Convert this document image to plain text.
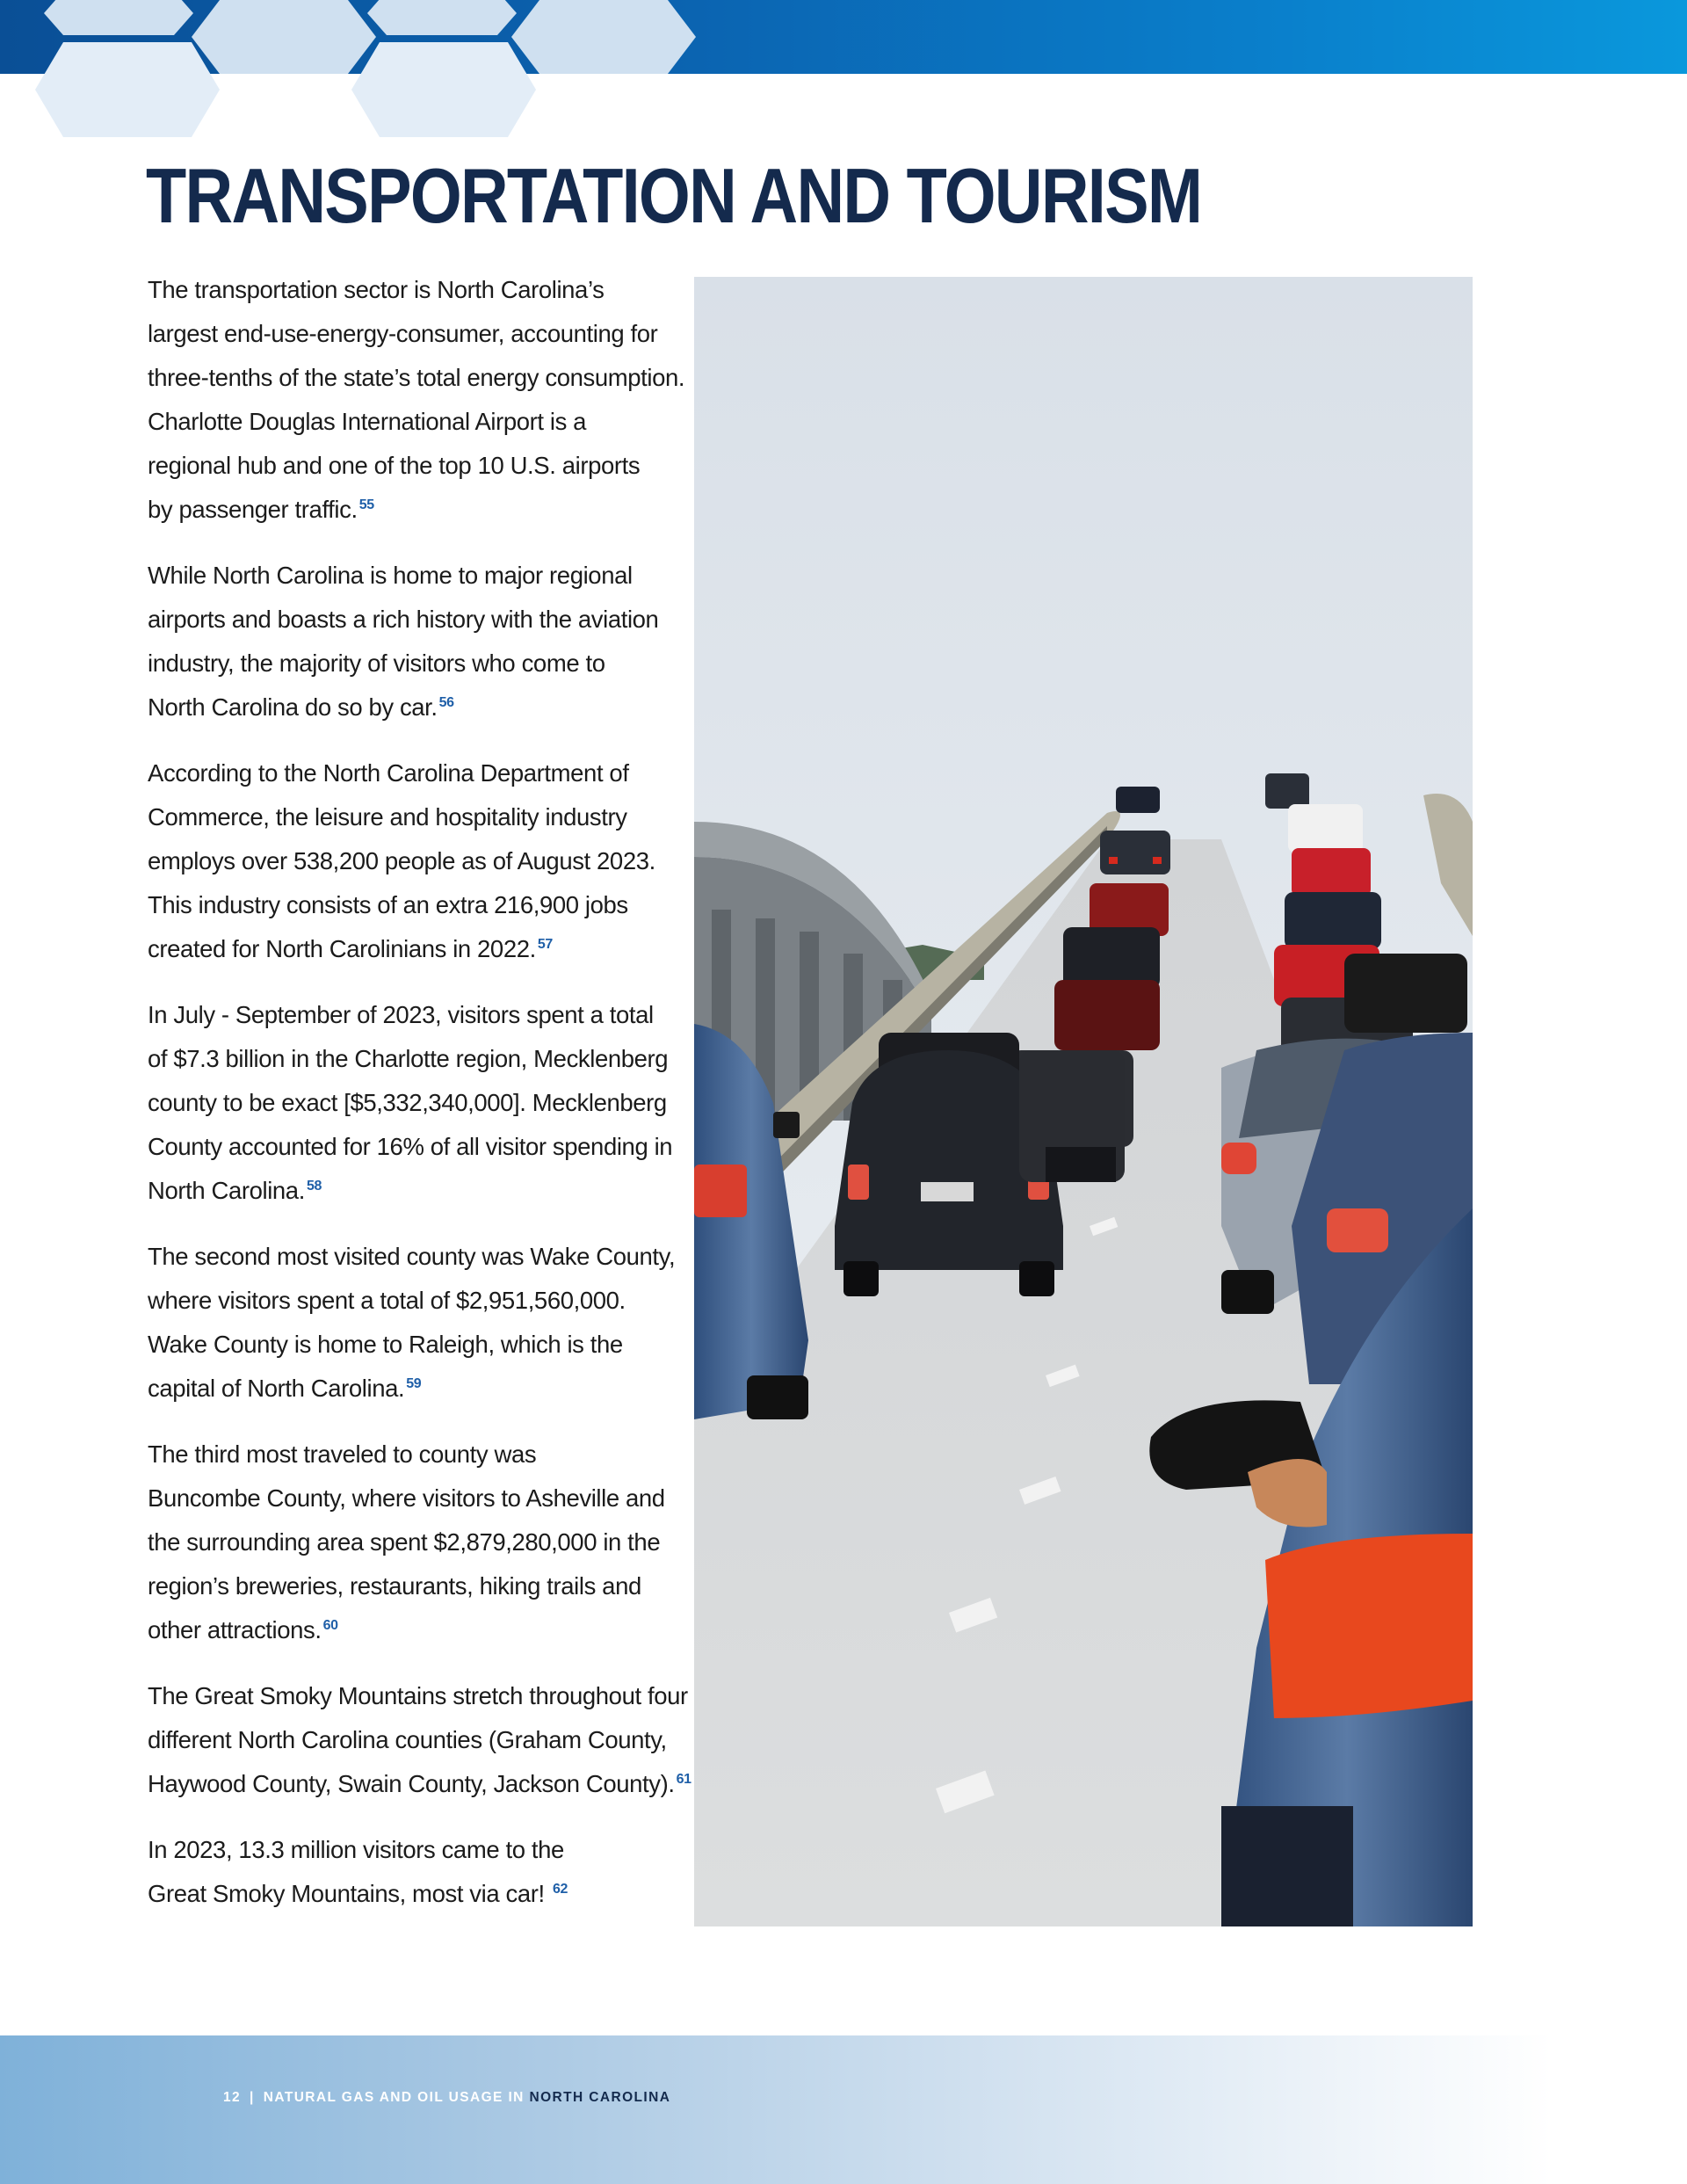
TRANSPORTATION AND TOURISM

The transportation sector is North Carolina’s
largest end-use-energy-consumer, accounting for
three-tenths of the state’s total energy consumption.
Charlotte Douglas International Airport is a
regional hub and one of the top 10 U.S. airports
by passenger traffic. $^{55}$

While North Carolina is home to major regional
airports and boasts a rich history with the aviation
industry, the majority of visitors who come to
North Carolina do so by car. $^{56}$

According to the North Carolina Department of
Commerce, the leisure and hospitality industry
employs over 538,200 people as of August 2023.
This industry consists of an extra 216,900 jobs
created for North Carolinians in 2022. $^{57}$

In July - September of 2023, visitors spent a total
of $7.3 billion in the Charlotte region, Mecklenberg
county to be exact [$5,332,340,000]. Mecklenberg
County accounted for 16% of all visitor spending in
North Carolina. $^{58}$

The second most visited county was Wake County,
where visitors spent a total of $2,951,560,000.
Wake County is home to Raleigh, which is the
capital of North Carolina. $^{59}$

The third most traveled to county was
Buncombe County, where visitors to Asheville and
the surrounding area spent $2,879,280,000 in the
region’s breweries, restaurants, hiking trails and
other attractions. $^{60}$

The Great Smoky Mountains stretch throughout four
different North Carolina counties (Graham County,
Haywood County, Swain County, Jackson County). $^{61}$

In 2023, 13.3 million visitors came to the
Great Smoky Mountains, most via car! $^{62}$

12 | NATURAL GAS AND OIL USAGE IN NORTH CAROLINA
